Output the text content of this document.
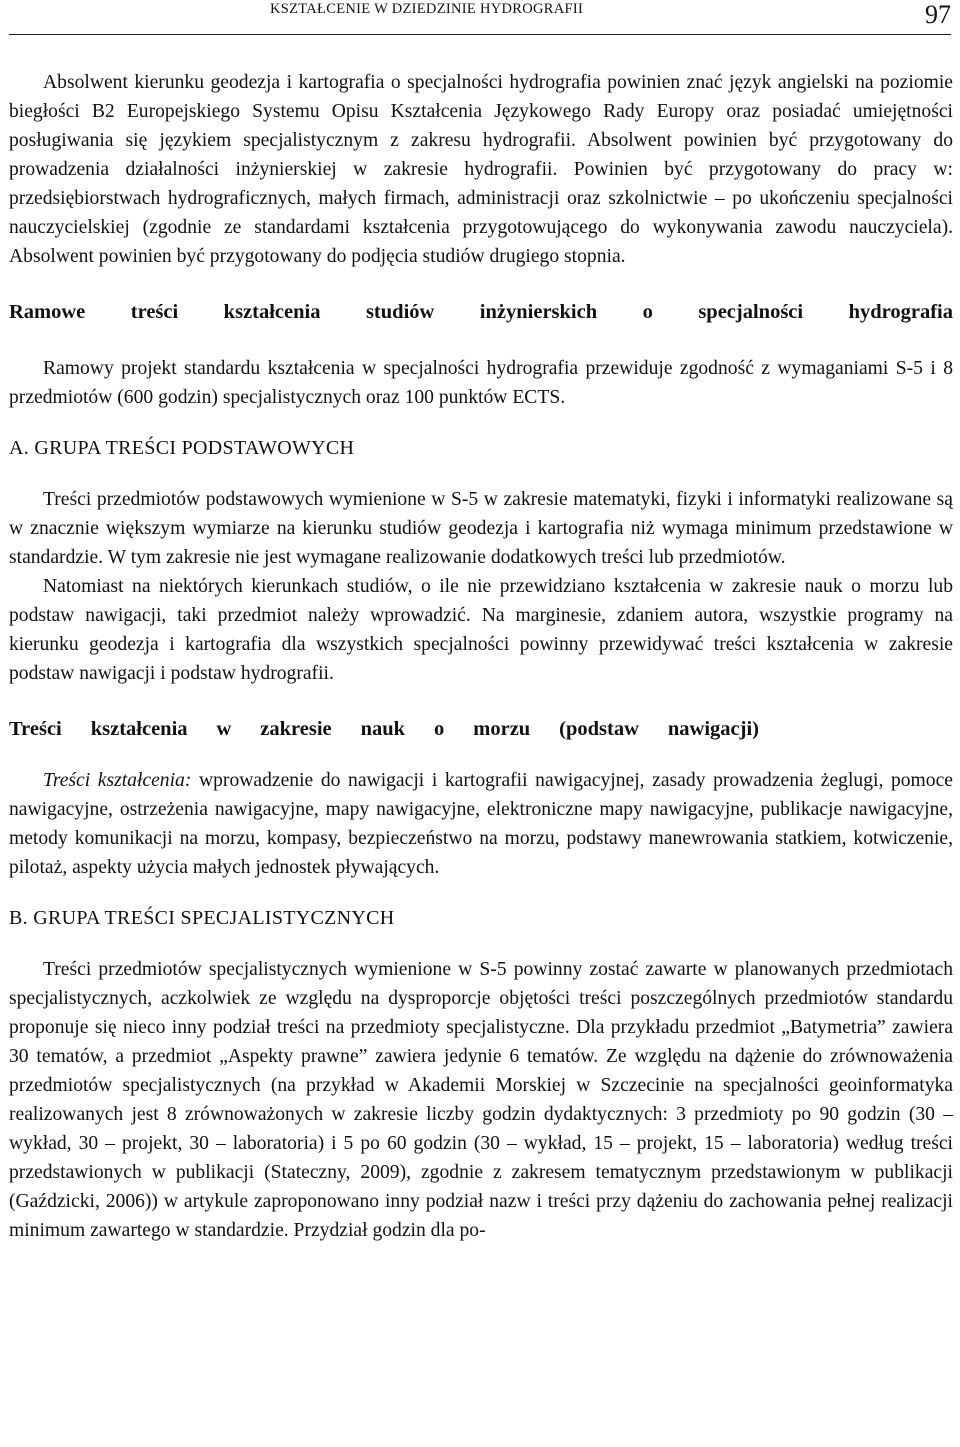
KSZTAŁCENIE W DZIEDZINIE HYDROGRAFII	97

Absolwent kierunku geodezja i kartografia o specjalności hydrografia powinien znać język angielski na poziomie biegłości B2 Europejskiego Systemu Opisu Kształcenia Językowego Rady Europy oraz posiadać umiejętności posługiwania się językiem specjalistycznym z zakresu hydrografii. Absolwent powinien być przygotowany do prowadzenia działalności inżynierskiej w zakresie hydrografii. Powinien być przygotowany do pracy w: przedsiębiorstwach hydrograficznych, małych firmach, administracji oraz szkolnictwie – po ukończeniu specjalności nauczycielskiej (zgodnie ze standardami kształcenia przygotowującego do wykonywania zawodu nauczyciela). Absolwent powinien być przygotowany do podjęcia studiów drugiego stopnia.

Ramowe treści kształcenia studiów inżynierskich o specjalności hydrografia

Ramowy projekt standardu kształcenia w specjalności hydrografia przewiduje zgodność z wymaganiami S-5 i 8 przedmiotów (600 godzin) specjalistycznych oraz 100 punktów ECTS.

A. GRUPA TREŚCI PODSTAWOWYCH

Treści przedmiotów podstawowych wymienione w S-5 w zakresie matematyki, fizyki i informatyki realizowane są w znacznie większym wymiarze na kierunku studiów geodezja i kartografia niż wymaga minimum przedstawione w standardzie. W tym zakresie nie jest wymagane realizowanie dodatkowych treści lub przedmiotów.

Natomiast na niektórych kierunkach studiów, o ile nie przewidziano kształcenia w zakresie nauk o morzu lub podstaw nawigacji, taki przedmiot należy wprowadzić. Na marginesie, zdaniem autora, wszystkie programy na kierunku geodezja i kartografia dla wszystkich specjalności powinny przewidywać treści kształcenia w zakresie podstaw nawigacji i podstaw hydrografii.

Treści kształcenia w zakresie nauk o morzu (podstaw nawigacji)

Treści kształcenia: wprowadzenie do nawigacji i kartografii nawigacyjnej, zasady prowadzenia żeglugi, pomoce nawigacyjne, ostrzeżenia nawigacyjne, mapy nawigacyjne, elektroniczne mapy nawigacyjne, publikacje nawigacyjne, metody komunikacji na morzu, kompasy, bezpieczeństwo na morzu, podstawy manewrowania statkiem, kotwiczenie, pilotaż, aspekty użycia małych jednostek pływających.

B. GRUPA TREŚCI SPECJALISTYCZNYCH

Treści przedmiotów specjalistycznych wymienione w S-5 powinny zostać zawarte w planowanych przedmiotach specjalistycznych, aczkolwiek ze względu na dysproporcje objętości treści poszczególnych przedmiotów standardu proponuje się nieco inny podział treści na przedmioty specjalistyczne. Dla przykładu przedmiot „Batymetria” zawiera 30 tematów, a przedmiot „Aspekty prawne” zawiera jedynie 6 tematów. Ze względu na dążenie do zrównoważenia przedmiotów specjalistycznych (na przykład w Akademii Morskiej w Szczecinie na specjalności geoinformatyka realizowanych jest 8 zrównoważonych w zakresie liczby godzin dydaktycznych: 3 przedmioty po 90 godzin (30 – wykład, 30 – projekt, 30 – laboratoria) i 5 po 60 godzin (30 – wykład, 15 – projekt, 15 – laboratoria) według treści przedstawionych w publikacji (Stateczny, 2009), zgodnie z zakresem tematycznym przedstawionym w publikacji (Gaździcki, 2006)) w artykule zaproponowano inny podział nazw i treści przy dążeniu do zachowania pełnej realizacji minimum zawartego w standardzie. Przydział godzin dla po-
